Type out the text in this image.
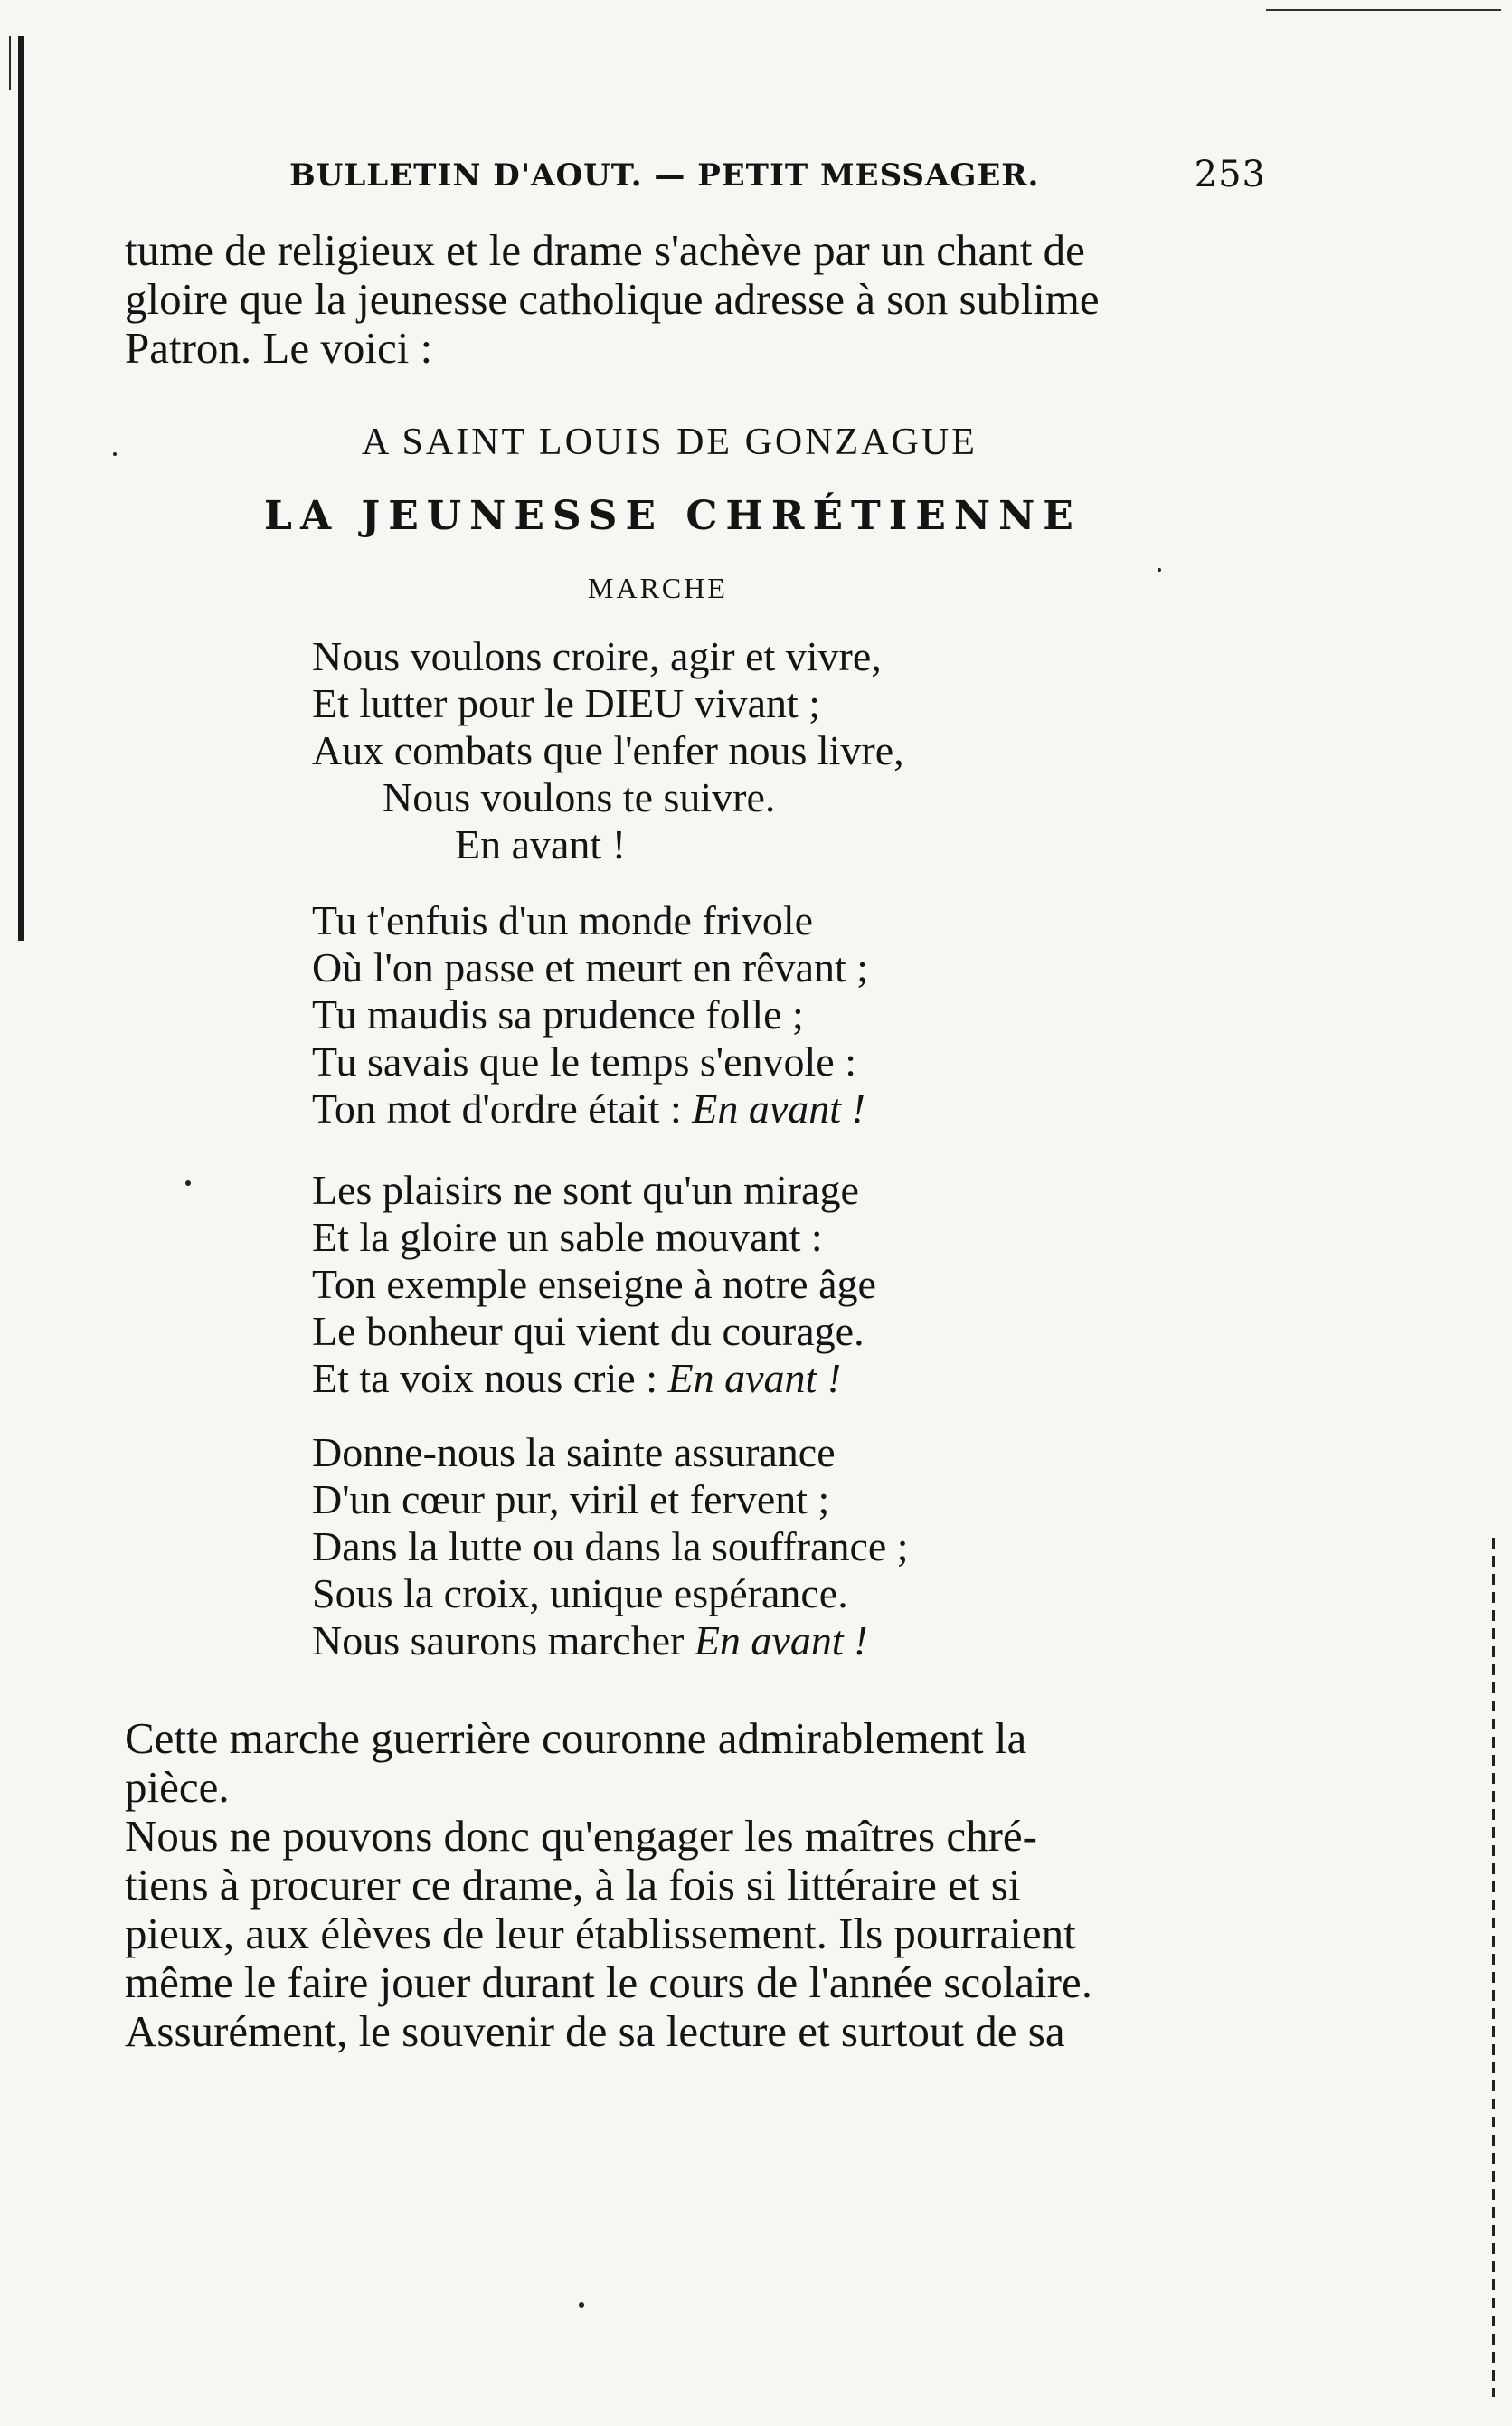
BULLETIN D'AOUT. — PETIT MESSAGER.	253

tume de religieux et le drame s'achève par un chant de
gloire que la jeunesse catholique adresse à son sublime
Patron. Le voici :

A SAINT LOUIS DE GONZAGUE
LA JEUNESSE CHRÉTIENNE
MARCHE

Nous voulons croire, agir et vivre,
Et lutter pour le DIEU vivant ;
Aux combats que l'enfer nous livre,
Nous voulons te suivre.
En avant !

Tu t'enfuis d'un monde frivole
Où l'on passe et meurt en rêvant ;
Tu maudis sa prudence folle ;
Tu savais que le temps s'envole :
Ton mot d'ordre était : En avant !

Les plaisirs ne sont qu'un mirage
Et la gloire un sable mouvant :
Ton exemple enseigne à notre âge
Le bonheur qui vient du courage.
Et ta voix nous crie : En avant !

Donne-nous la sainte assurance
D'un cœur pur, viril et fervent ;
Dans la lutte ou dans la souffrance ;
Sous la croix, unique espérance.
Nous saurons marcher En avant !

Cette marche guerrière couronne admirablement la
pièce.

Nous ne pouvons donc qu'engager les maîtres chré-
tiens à procurer ce drame, à la fois si littéraire et si
pieux, aux élèves de leur établissement. Ils pourraient
même le faire jouer durant le cours de l'année scolaire.
Assurément, le souvenir de sa lecture et surtout de sa
